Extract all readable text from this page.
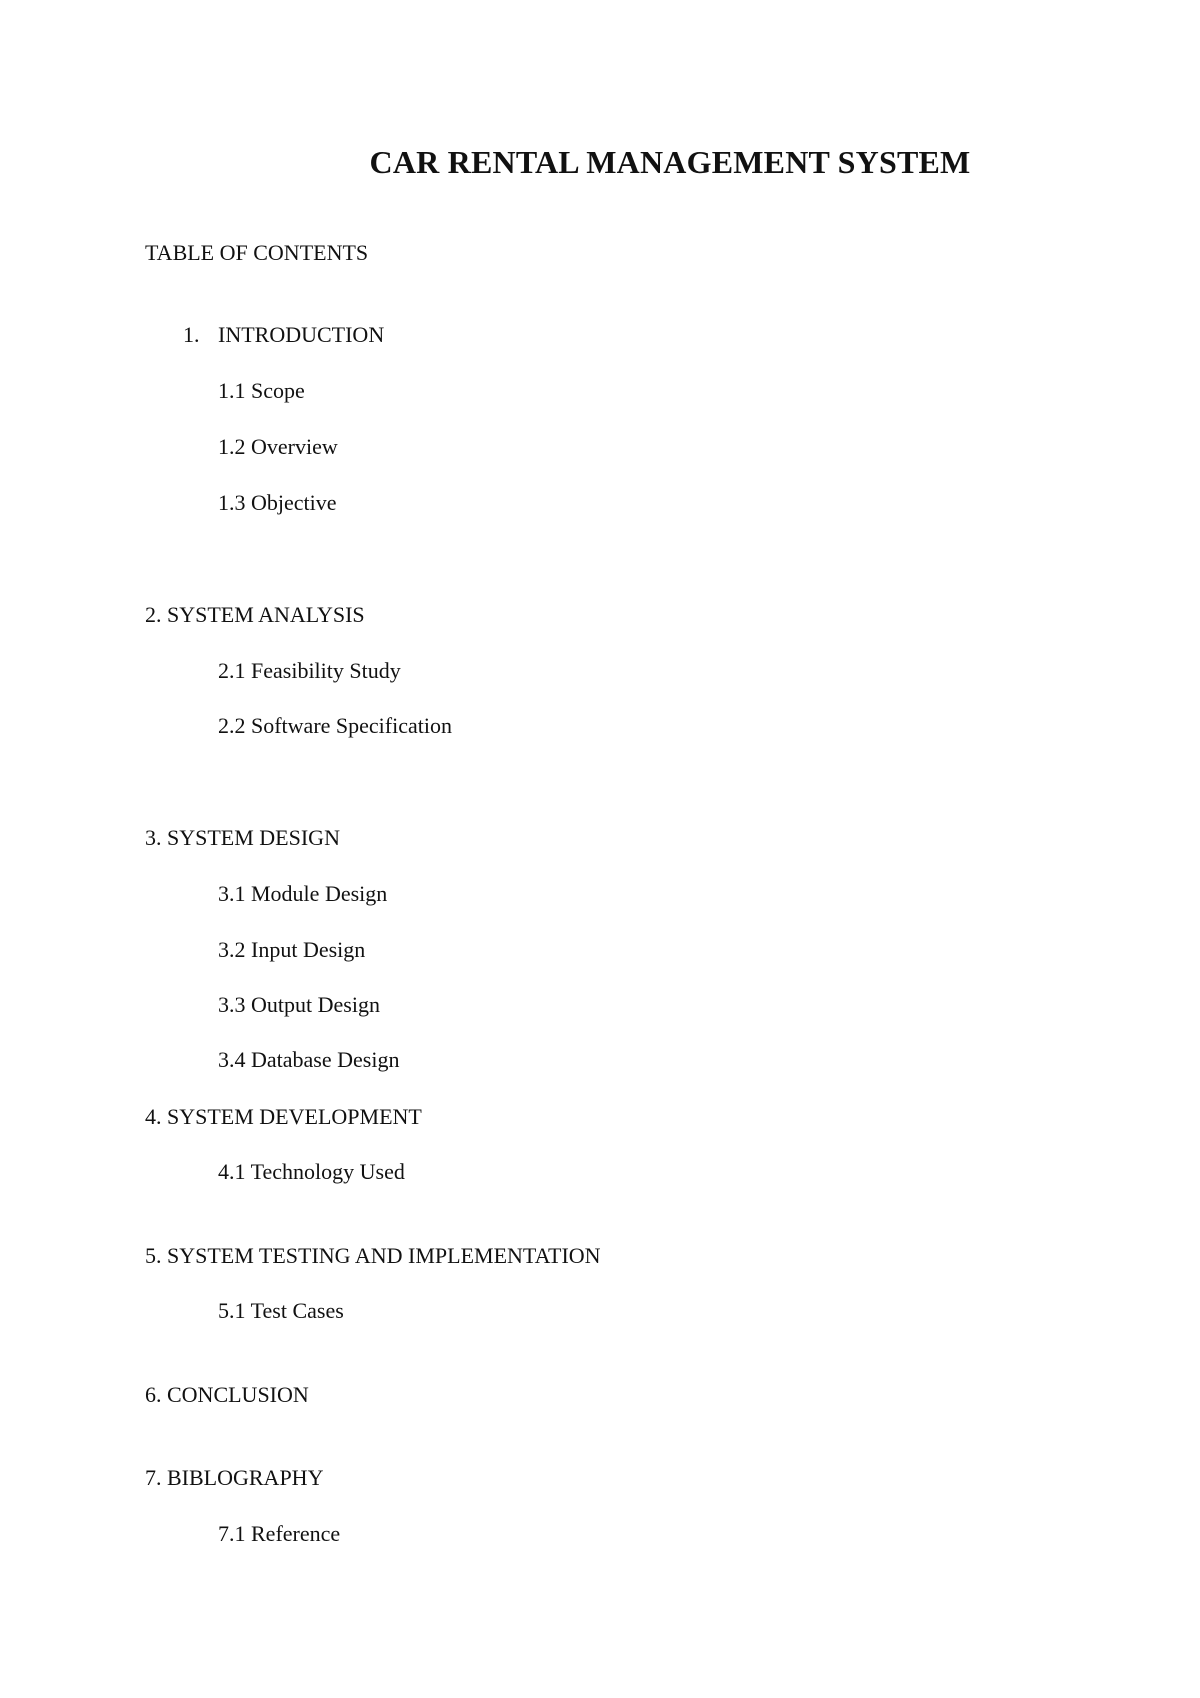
CAR RENTAL MANAGEMENT SYSTEM
TABLE OF CONTENTS
1. INTRODUCTION
1.1 Scope
1.2 Overview
1.3 Objective
2. SYSTEM ANALYSIS
2.1 Feasibility Study
2.2 Software Specification
3. SYSTEM DESIGN
3.1 Module Design
3.2 Input Design
3.3 Output Design
3.4 Database Design
4. SYSTEM DEVELOPMENT
4.1 Technology Used
5. SYSTEM TESTING AND IMPLEMENTATION
5.1 Test Cases
6. CONCLUSION
7. BIBLOGRAPHY
7.1 Reference
